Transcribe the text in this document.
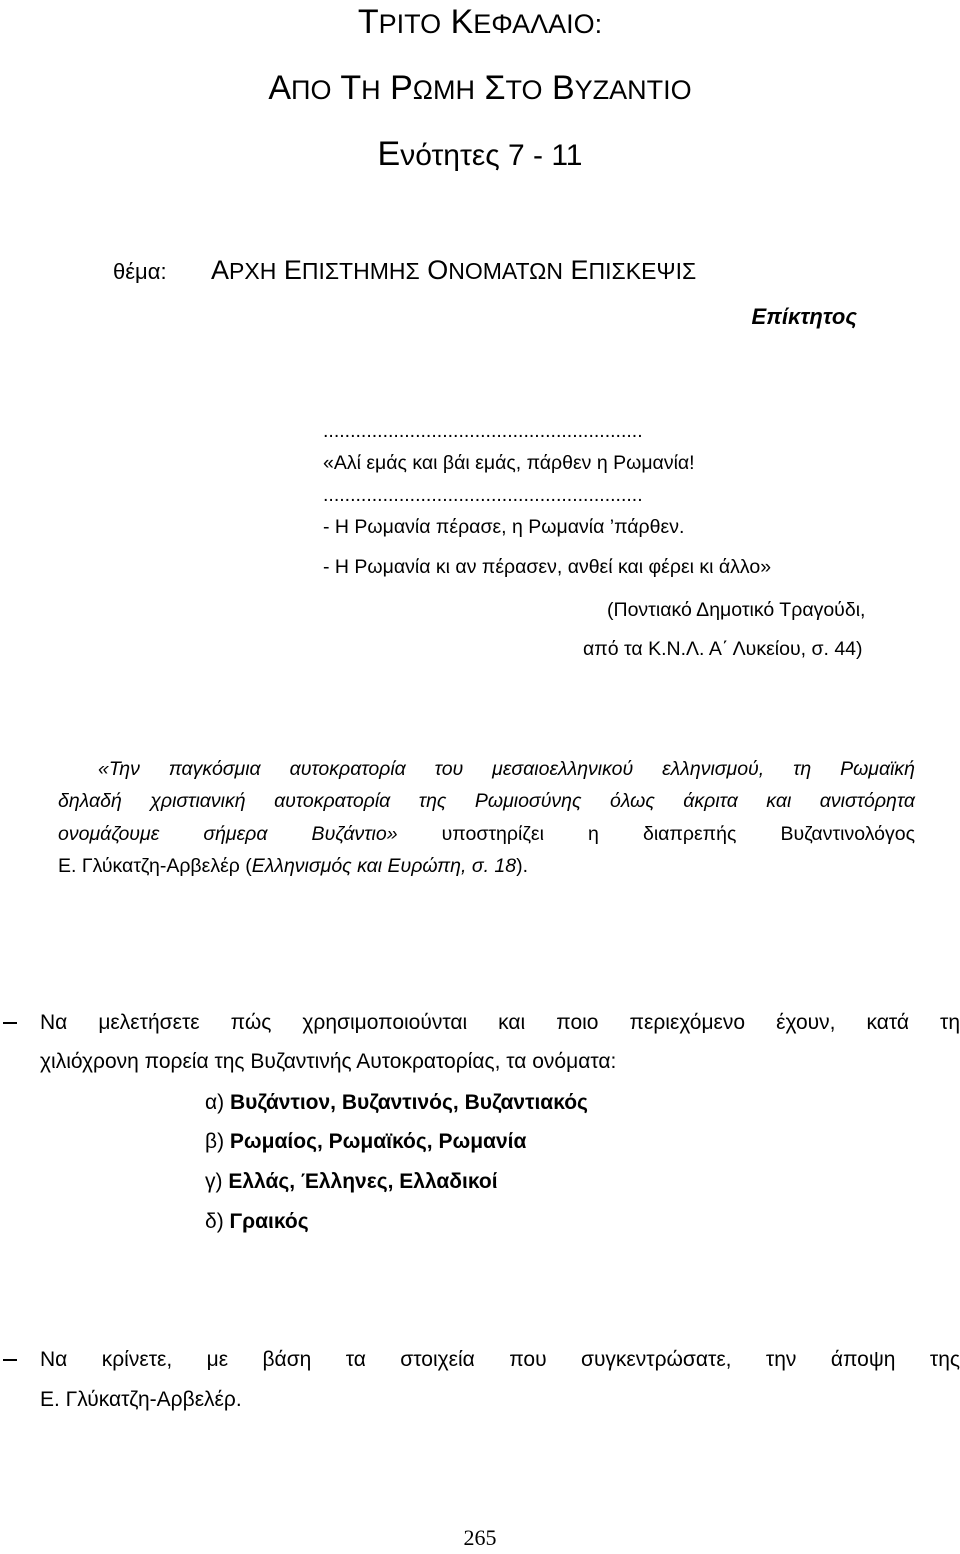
ΤΡΙΤΟ ΚΕΦΑΛΑΙΟ:
ΑΠΟ ΤΗ ΡΩΜΗ ΣΤΟ ΒΥΖΑΝΤΙΟ
Ενότητες 7 - 11
θέμα: ΑΡΧΗ ΕΠΙΣΤΗΜΗΣ ΟΝΟΜΑΤΩΝ ΕΠΙΣΚΕΨΙΣ
Επίκτητος
...........................................................
«Αλί εμάς και βάι εμάς, πάρθεν η Ρωμανία!
...........................................................
- Η Ρωμανία πέρασε, η Ρωμανία ’πάρθεν.
- Η Ρωμανία κι αν πέρασεν, ανθεί και φέρει κι άλλο»
(Ποντιακό Δημοτικό Τραγούδι,
από τα Κ.Ν.Λ. Α΄ Λυκείου, σ. 44)
«Την παγκόσμια αυτοκρατορία του μεσαιοελληνικού ελληνισμού, τη Ρωμαϊκή
δηλαδή χριστιανική αυτοκρατορία της Ρωμιοσύνης όλως άκριτα και ανιστόρητα
ονομάζουμε σήμερα Βυζάντιο» υποστηρίζει η διαπρεπής Βυζαντινολόγος
Ε. Γλύκατζη-Αρβελέρ (Ελληνισμός και Ευρώπη, σ. 18).
Να μελετήσετε πώς χρησιμοποιούνται και ποιο περιεχόμενο έχουν, κατά τη
χιλιόχρονη πορεία της Βυζαντινής Αυτοκρατορίας, τα ονόματα:
α) Βυζάντιον, Βυζαντινός, Βυζαντιακός
β) Ρωμαίος, Ρωμαϊκός, Ρωμανία
γ) Ελλάς, Έλληνες, Ελλαδικοί
δ) Γραικός
Να κρίνετε, με βάση τα στοιχεία που συγκεντρώσατε, την άποψη της
Ε. Γλύκατζη-Αρβελέρ.
265
